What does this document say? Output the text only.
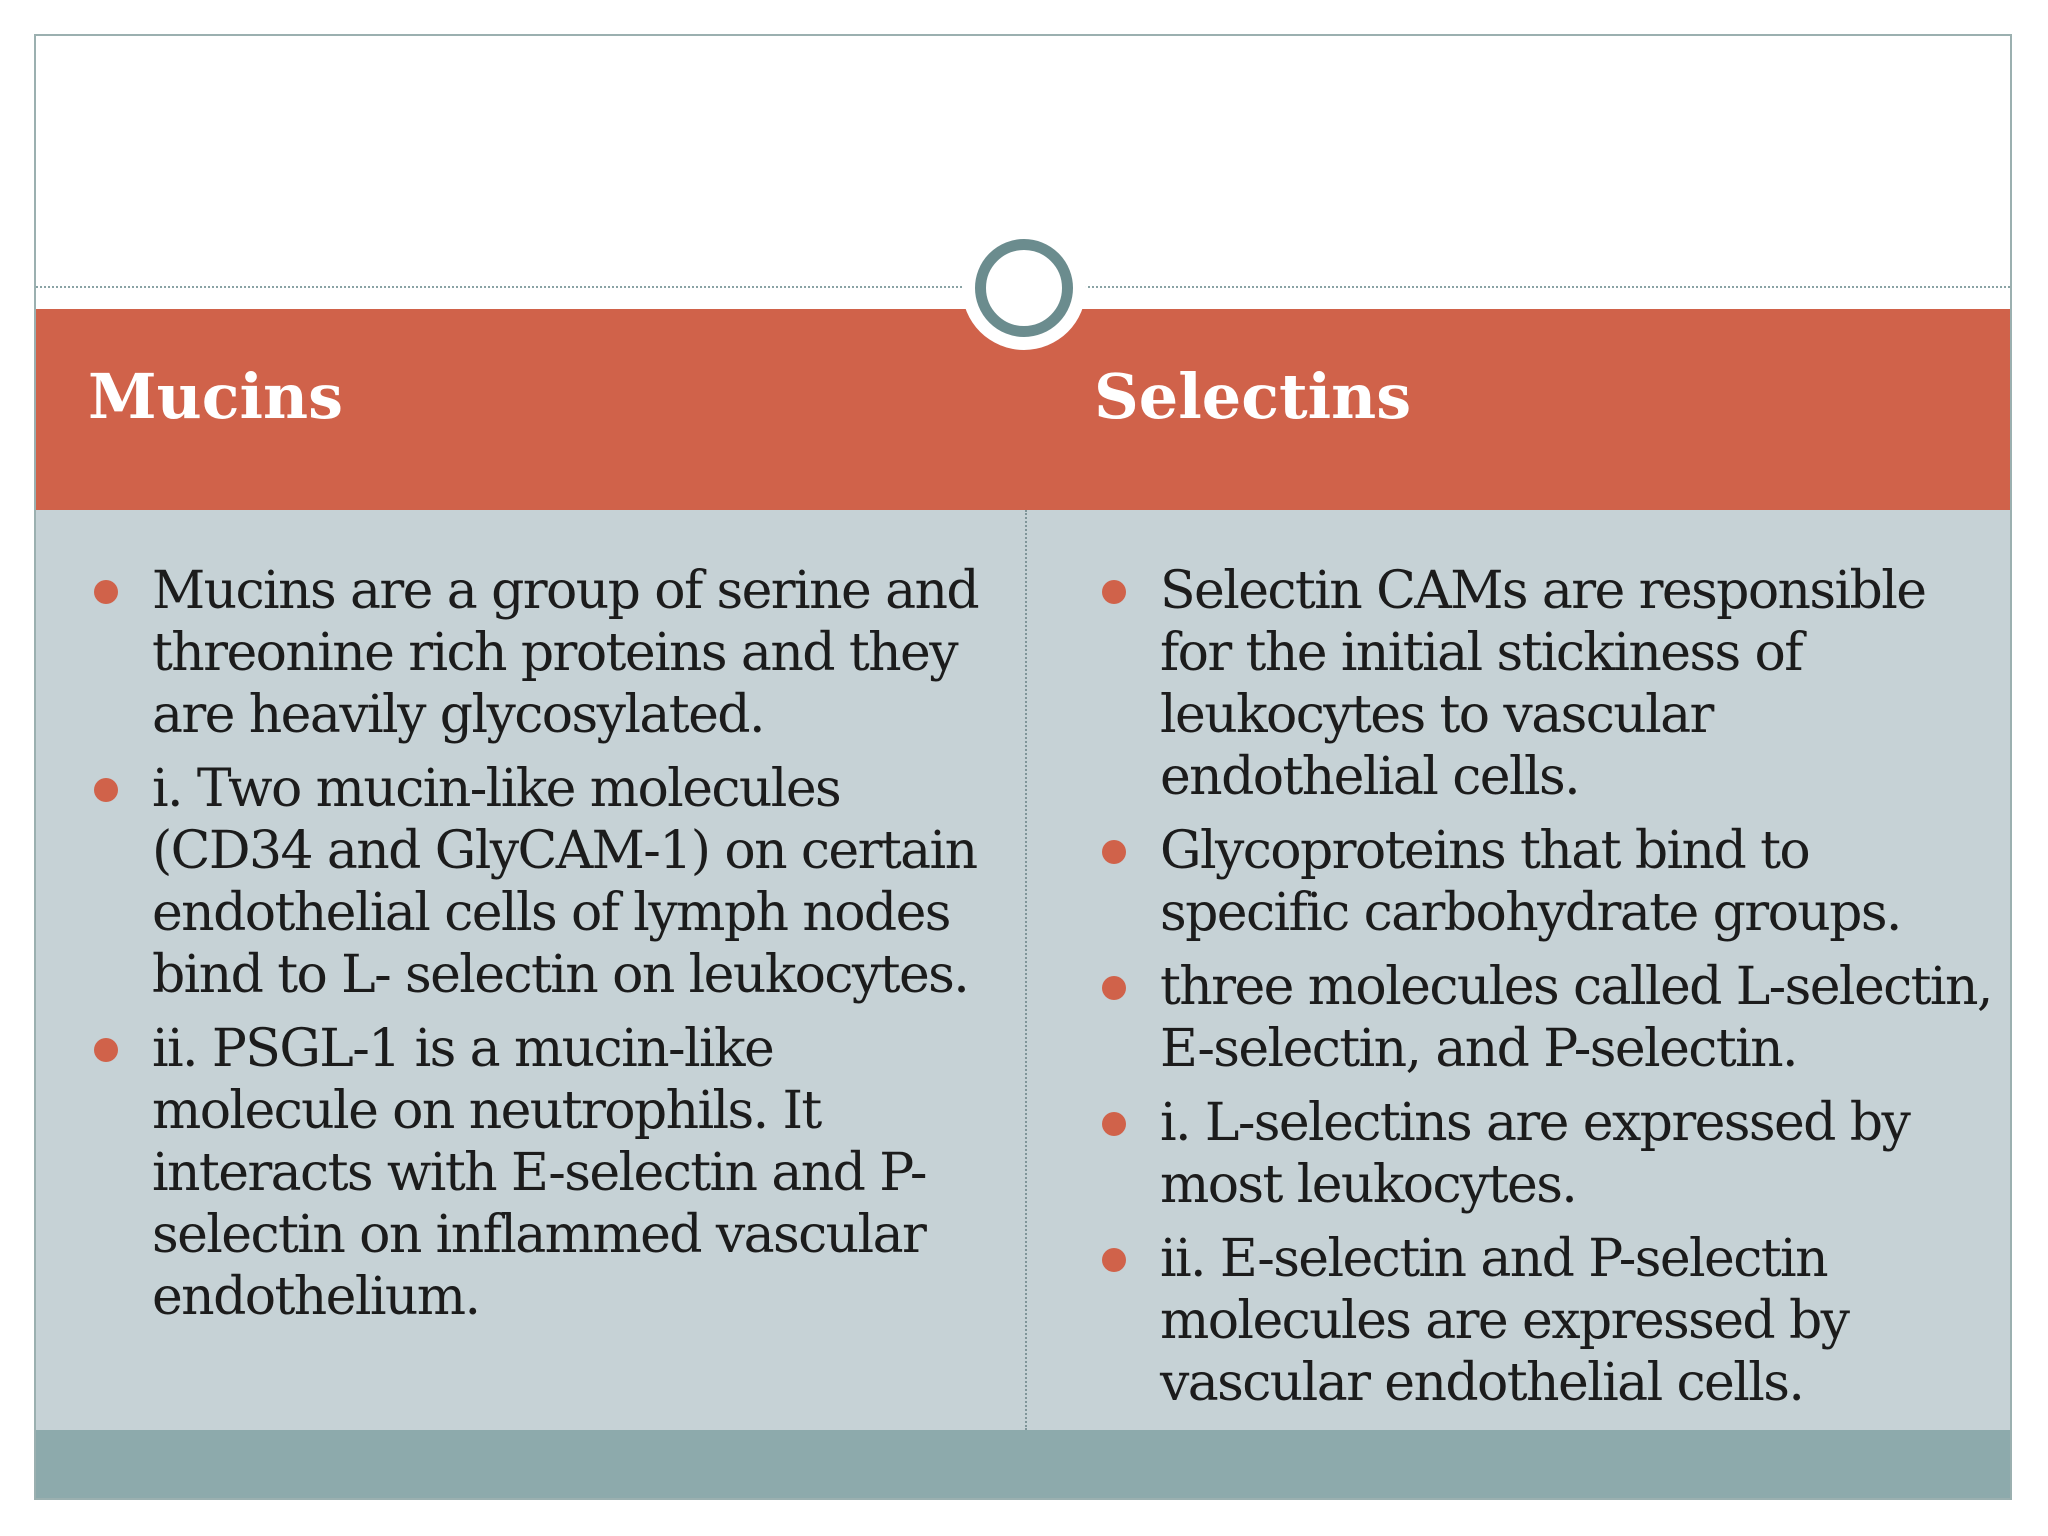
Mucins	Selectins
Mucins are a group of serine and threonine rich proteins and they are heavily glycosylated.
i. Two mucin-like molecules (CD34 and GlyCAM-1) on certain endothelial cells of lymph nodes bind to L- selectin on leukocytes.
ii. PSGL-1 is a mucin-like molecule on neutrophils. It interacts with E-selectin and P- selectin on inflammed vascular endothelium.
Selectin CAMs are responsible for the initial stickiness of leukocytes to vascular endothelial cells.
Glycoproteins that bind to specific carbohydrate groups.
three molecules called L-selectin, E-selectin, and P-selectin.
i. L-selectins are expressed by most leukocytes.
ii. E-selectin and P-selectin molecules are expressed by vascular endothelial cells.
